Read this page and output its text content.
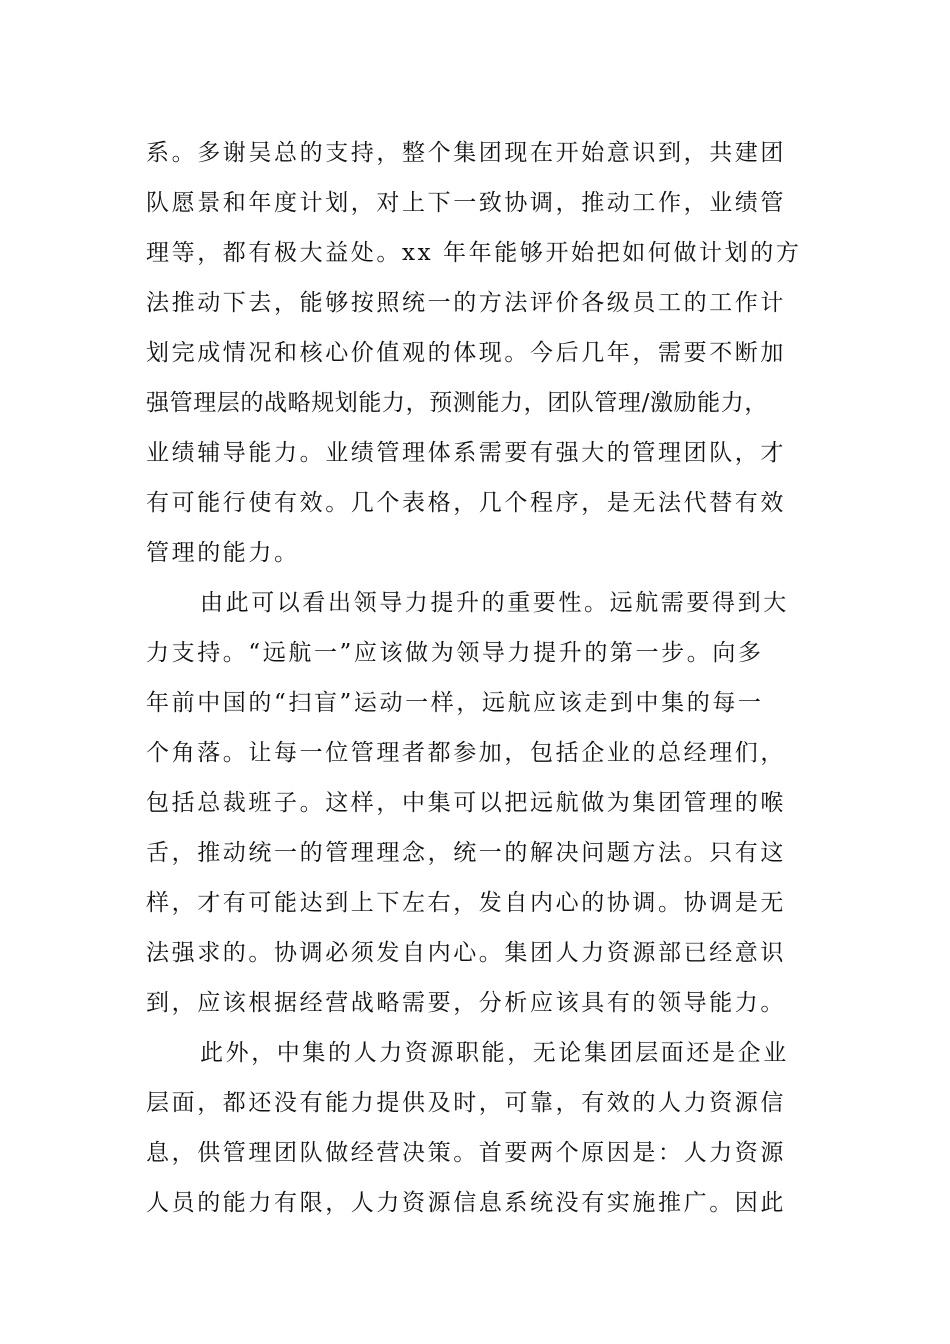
系。多谢吴总的支持，整个集团现在开始意识到，共建团
队愿景和年度计划，对上下一致协调，推动工作，业绩管
理等，都有极大益处。xx 年年能够开始把如何做计划的方
法推动下去，能够按照统一的方法评价各级员工的工作计
划完成情况和核心价值观的体现。今后几年，需要不断加
强管理层的战略规划能力，预测能力，团队管理/激励能力，
业绩辅导能力。业绩管理体系需要有强大的管理团队，才
有可能行使有效。几个表格，几个程序，是无法代替有效
管理的能力。
由此可以看出领导力提升的重要性。远航需要得到大
力支持。“远航一”应该做为领导力提升的第一步。向多
年前中国的“扫盲”运动一样，远航应该走到中集的每一
个角落。让每一位管理者都参加，包括企业的总经理们，
包括总裁班子。这样，中集可以把远航做为集团管理的喉
舌，推动统一的管理理念，统一的解决问题方法。只有这
样，才有可能达到上下左右，发自内心的协调。协调是无
法强求的。协调必须发自内心。集团人力资源部已经意识
到，应该根据经营战略需要，分析应该具有的领导能力。
此外，中集的人力资源职能，无论集团层面还是企业
层面，都还没有能力提供及时，可靠，有效的人力资源信
息，供管理团队做经营决策。首要两个原因是：人力资源
人员的能力有限，人力资源信息系统没有实施推广。因此
